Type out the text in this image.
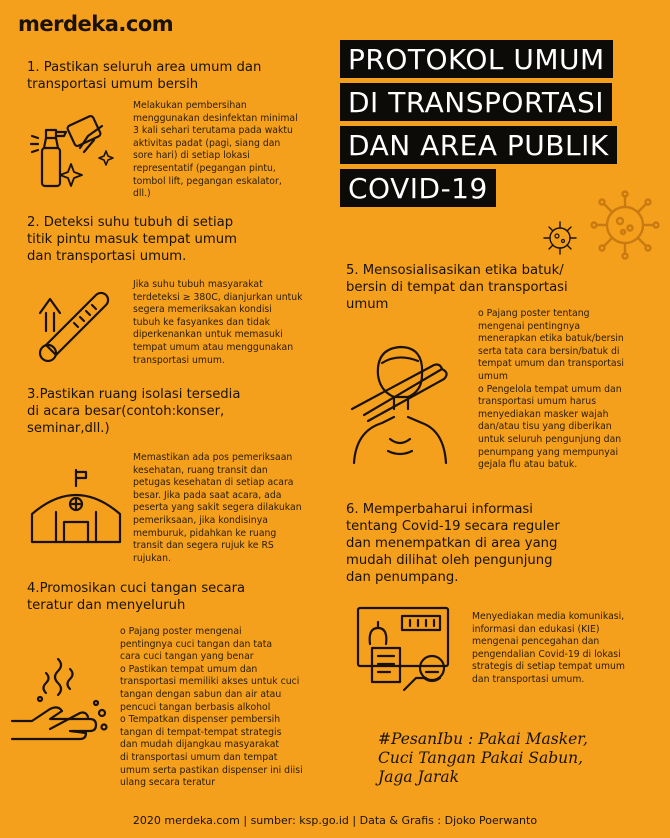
merdeka.com
PROTOKOL UMUM
DI TRANSPORTASI
DAN AREA PUBLIK
COVID-19
1. Pastikan seluruh area umum dan
transportasi umum bersih
Melakukan pembersihan
menggunakan desinfektan minimal
3 kali sehari terutama pada waktu
aktivitas padat (pagi, siang dan
sore hari) di setiap lokasi
representatif (pegangan pintu,
tombol lift, pegangan eskalator,
dll.)
2. Deteksi suhu tubuh di setiap
titik pintu masuk tempat umum
dan transportasi umum.
Jika suhu tubuh masyarakat
terdeteksi ≥ 380C, dianjurkan untuk
segera memeriksakan kondisi
tubuh ke fasyankes dan tidak
diperkenankan untuk memasuki
tempat umum atau menggunakan
transportasi umum.
3.Pastikan ruang isolasi tersedia
di acara besar(contoh:konser,
seminar,dll.)
Memastikan ada pos pemeriksaan
kesehatan, ruang transit dan
petugas kesehatan di setiap acara
besar. Jika pada saat acara, ada
peserta yang sakit segera dilakukan
pemeriksaan, jika kondisinya
memburuk, pidahkan ke ruang
transit dan segera rujuk ke RS
rujukan.
4.Promosikan cuci tangan secara
teratur dan menyeluruh
o Pajang poster mengenai
pentingnya cuci tangan dan tata
cara cuci tangan yang benar
o Pastikan tempat umum dan
transportasi memiliki akses untuk cuci
tangan dengan sabun dan air atau
pencuci tangan berbasis alkohol
o Tempatkan dispenser pembersih
tangan di tempat-tempat strategis
dan mudah dijangkau masyarakat
di transportasi umum dan tempat
umum serta pastikan dispenser ini diisi
ulang secara teratur
5. Mensosialisasikan etika batuk/
bersin di tempat dan transportasi
umum
o Pajang poster tentang
mengenai pentingnya
menerapkan etika batuk/bersin
serta tata cara bersin/batuk di
tempat umum dan transportasi
umum
o Pengelola tempat umum dan
transportasi umum harus
menyediakan masker wajah
dan/atau tisu yang diberikan
untuk seluruh pengunjung dan
penumpang yang mempunyai
gejala flu atau batuk.
6. Memperbaharui informasi
tentang Covid-19 secara reguler
dan menempatkan di area yang
mudah dilihat oleh pengunjung
dan penumpang.
Menyediakan media komunikasi,
informasi dan edukasi (KIE)
mengenai pencegahan dan
pengendalian Covid-19 di lokasi
strategis di setiap tempat umum
dan transportasi umum.
#PesanIbu : Pakai Masker,
Cuci Tangan Pakai Sabun,
Jaga Jarak
2020 merdeka.com | sumber: ksp.go.id | Data & Grafis : Djoko Poerwanto
